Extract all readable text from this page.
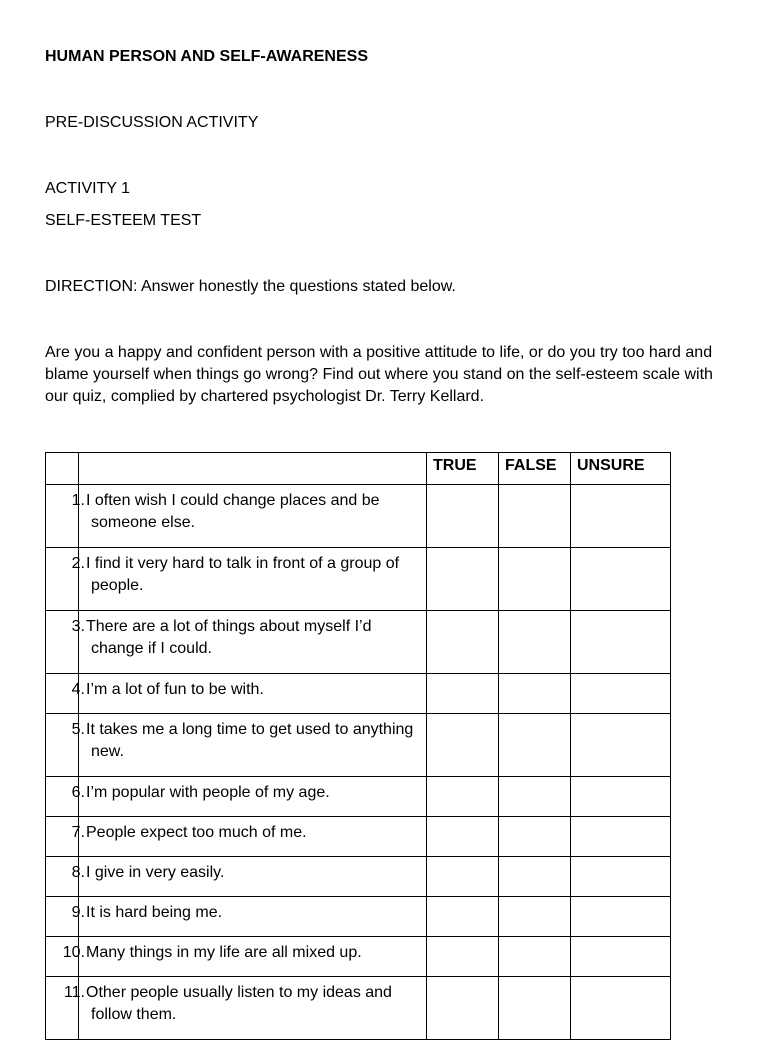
HUMAN PERSON AND SELF-AWARENESS

PRE-DISCUSSION ACTIVITY

ACTIVITY 1

SELF-ESTEEM TEST

DIRECTION: Answer honestly the questions stated below.

Are you a happy and confident person with a positive attitude to life, or do you try too hard and blame yourself when things go wrong? Find out where you stand on the self-esteem scale with our quiz, complied by chartered psychologist Dr. Terry Kellard.

		TRUE	FALSE	UNSURE

1.	I often wish I could change places and be someone else.			

2.	I find it very hard to talk in front of a group of people.			

3.	There are a lot of things about myself I’d change if I could.			

4.	I’m a lot of fun to be with.			

5.	It takes me a long time to get used to anything new.			

6.	I’m popular with people of my age.			

7.	People expect too much of me.			

8.	I give in very easily.			

9.	It is hard being me.			

10.	Many things in my life are all mixed up.			

11.	Other people usually listen to my ideas and follow them.			
